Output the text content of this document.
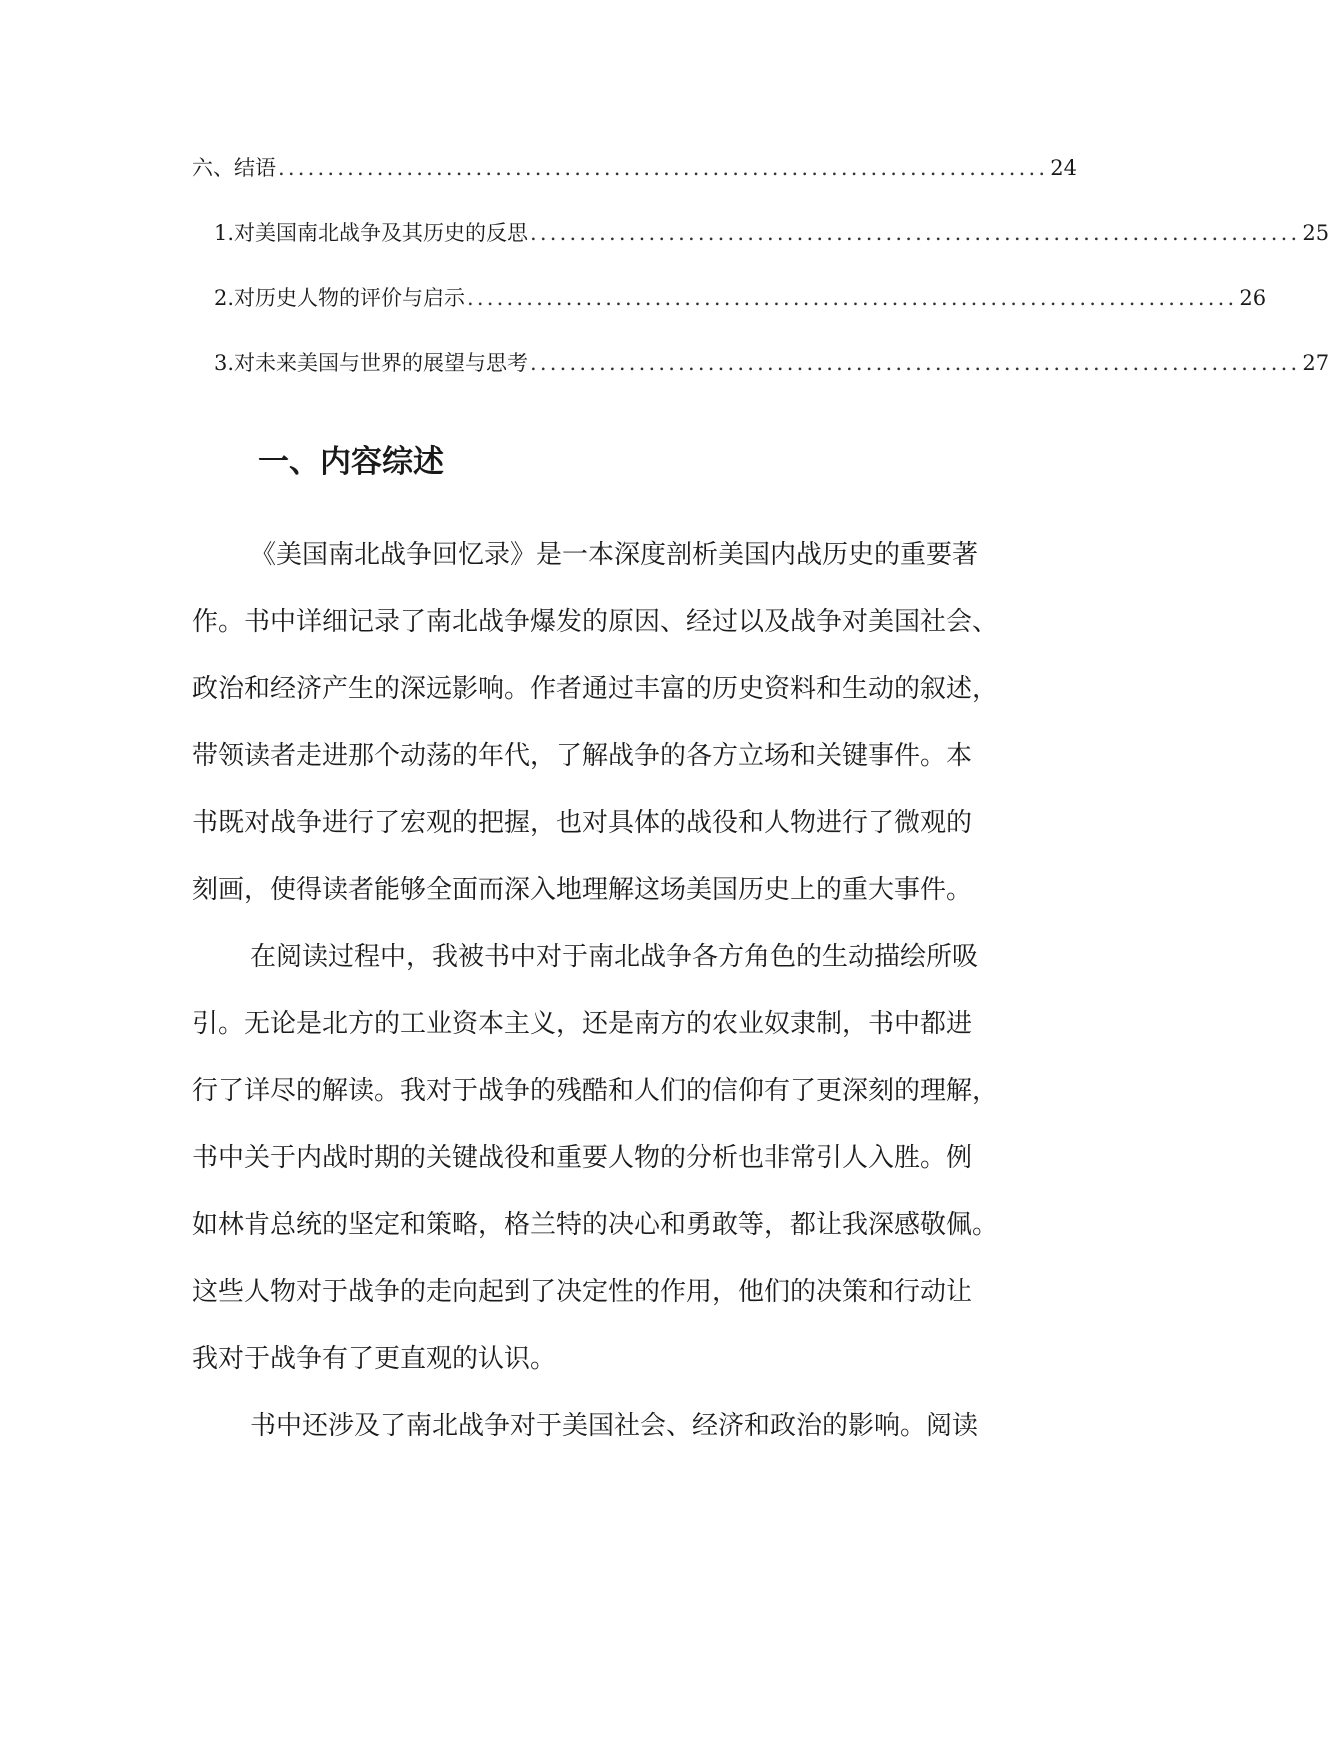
六、结语 .............................................................................. 24
1. 对美国南北战争及其历史的反思 .............................................................................. 25
2. 对历史人物的评价与启示 .............................................................................. 26
3. 对未来美国与世界的展望与思考 .............................................................................. 27
一、内容综述
《美国南北战争回忆录》是一本深度剖析美国内战历史的重要著
作。书中详细记录了南北战争爆发的原因、经过以及战争对美国社会、
政治和经济产生的深远影响。作者通过丰富的历史资料和生动的叙述，
带领读者走进那个动荡的年代，了解战争的各方立场和关键事件。本
书既对战争进行了宏观的把握，也对具体的战役和人物进行了微观的
刻画，使得读者能够全面而深入地理解这场美国历史上的重大事件。
在阅读过程中，我被书中对于南北战争各方角色的生动描绘所吸
引。无论是北方的工业资本主义，还是南方的农业奴隶制，书中都进
行了详尽的解读。我对于战争的残酷和人们的信仰有了更深刻的理解，
书中关于内战时期的关键战役和重要人物的分析也非常引人入胜。例
如林肯总统的坚定和策略，格兰特的决心和勇敢等，都让我深感敬佩。
这些人物对于战争的走向起到了决定性的作用，他们的决策和行动让
我对于战争有了更直观的认识。
书中还涉及了南北战争对于美国社会、经济和政治的影响。阅读
